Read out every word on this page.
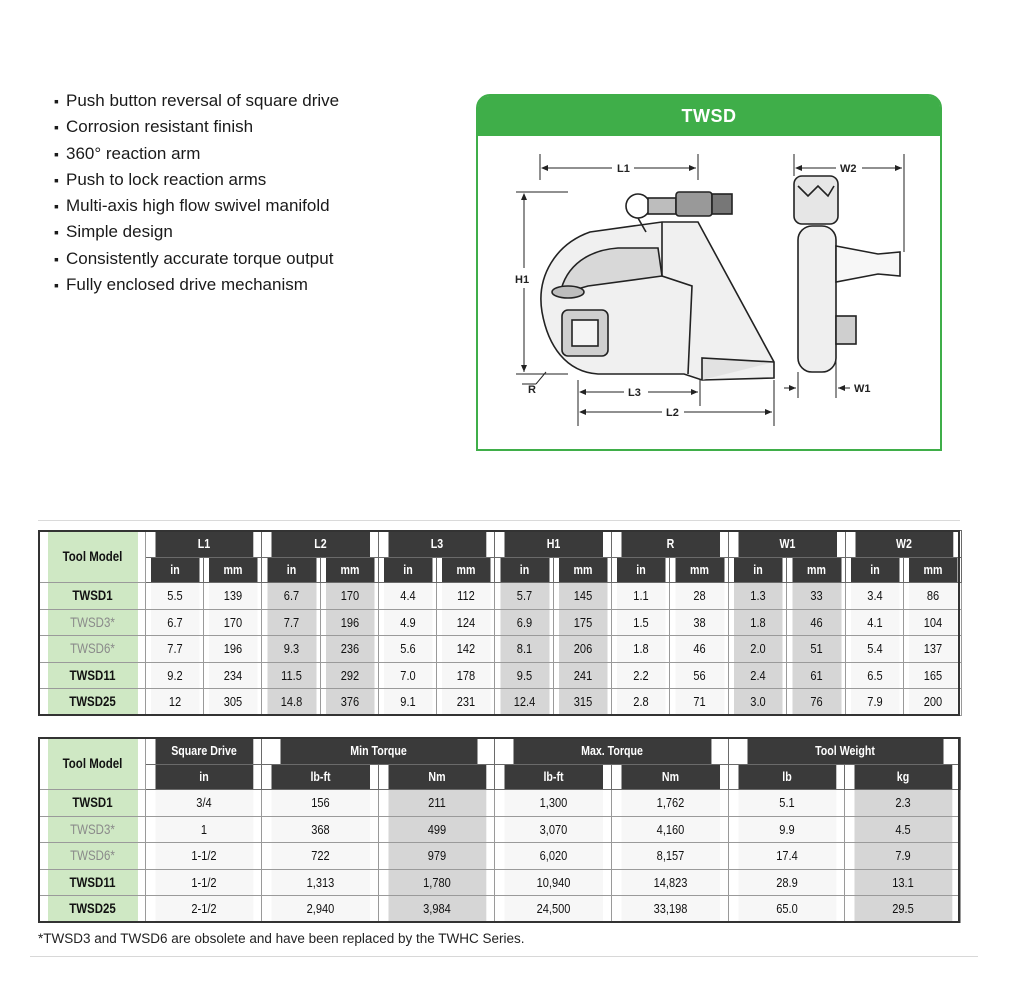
▪ Push button reversal of square drive
▪ Corrosion resistant finish
▪ 360° reaction arm
▪ Push to lock reaction arms
▪ Multi-axis high flow swivel manifold
▪ Simple design
▪ Consistently accurate torque output
▪ Fully enclosed drive mechanism
TWSD
L1
H1
L3
L2
R
W2
W1
Tool Model	L1		L2		L3		H1		R		W1		W2	
	in	mm	in	mm	in	mm	in	mm	in	mm	in	mm	in	mm
TWSD1	5.5	139	6.7	170	4.4	112	5.7	145	1.1	28	1.3	33	3.4	86
TWSD3*	6.7	170	7.7	196	4.9	124	6.9	175	1.5	38	1.8	46	4.1	104
TWSD6*	7.7	196	9.3	236	5.6	142	8.1	206	1.8	46	2.0	51	5.4	137
TWSD11	9.2	234	11.5	292	7.0	178	9.5	241	2.2	56	2.4	61	6.5	165
TWSD25	12	305	14.8	376	9.1	231	12.4	315	2.8	71	3.0	76	7.9	200
Tool Model	Square Drive	Min Torque		Max. Torque		Tool Weight	
	in	lb-ft	Nm	lb-ft	Nm	lb	kg
TWSD1	3/4	156	211	1,300	1,762	5.1	2.3
TWSD3*	1	368	499	3,070	4,160	9.9	4.5
TWSD6*	1-1/2	722	979	6,020	8,157	17.4	7.9
TWSD11	1-1/2	1,313	1,780	10,940	14,823	28.9	13.1
TWSD25	2-1/2	2,940	3,984	24,500	33,198	65.0	29.5
*TWSD3 and TWSD6 are obsolete and have been replaced by the TWHC Series.
